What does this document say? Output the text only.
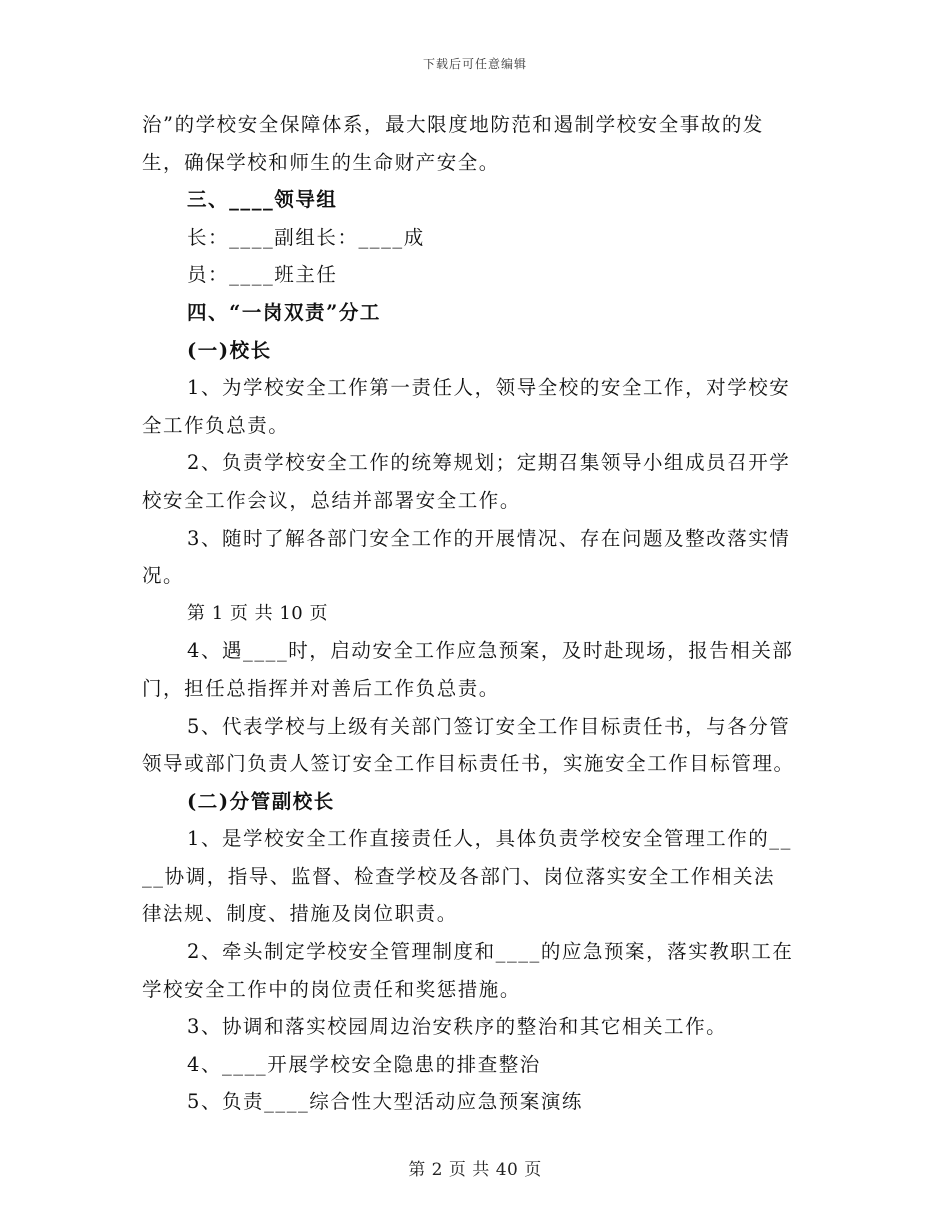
下载后可任意编辑
治”的学校安全保障体系，最大限度地防范和遏制学校安全事故的发
生，确保学校和师生的生命财产安全。
三、____领导组
长：____副组长：____成
员：____班主任
四、“一岗双责”分工
(一)校长
1、为学校安全工作第一责任人，领导全校的安全工作，对学校安
全工作负总责。
2、负责学校安全工作的统筹规划；定期召集领导小组成员召开学
校安全工作会议，总结并部署安全工作。
3、随时了解各部门安全工作的开展情况、存在问题及整改落实情
况。
第 1 页 共 10 页
4、遇____时，启动安全工作应急预案，及时赴现场，报告相关部
门，担任总指挥并对善后工作负总责。
5、代表学校与上级有关部门签订安全工作目标责任书，与各分管
领导或部门负责人签订安全工作目标责任书，实施安全工作目标管理。
(二)分管副校长
1、是学校安全工作直接责任人，具体负责学校安全管理工作的__
__协调，指导、监督、检查学校及各部门、岗位落实安全工作相关法
律法规、制度、措施及岗位职责。
2、牵头制定学校安全管理制度和____的应急预案，落实教职工在
学校安全工作中的岗位责任和奖惩措施。
3、协调和落实校园周边治安秩序的整治和其它相关工作。
4、____开展学校安全隐患的排查整治
5、负责____综合性大型活动应急预案演练
第 2 页 共 40 页
